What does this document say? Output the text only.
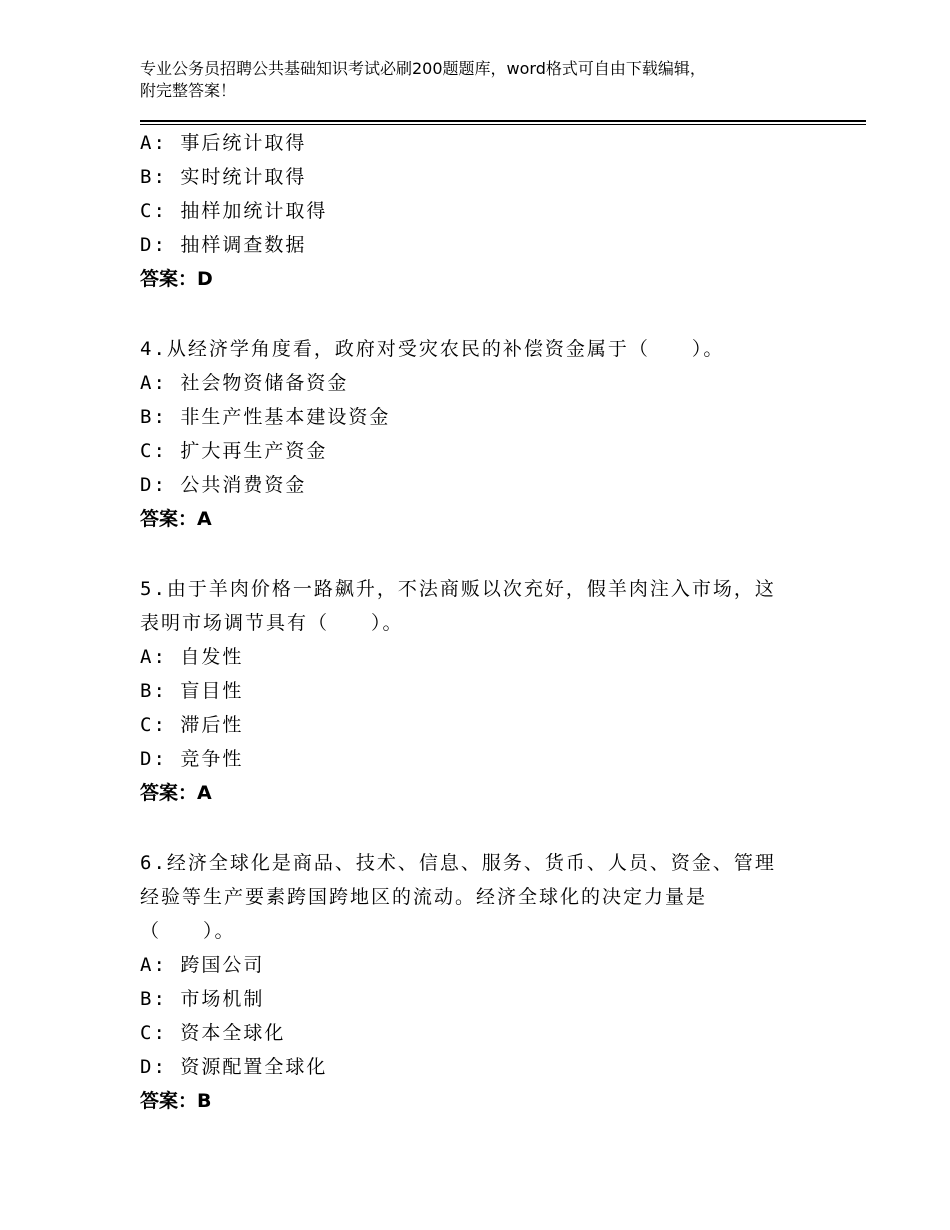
专业公务员招聘公共基础知识考试必刷200题题库，word格式可自由下载编辑，
附完整答案！
A: 事后统计取得
B: 实时统计取得
C: 抽样加统计取得
D: 抽样调查数据
答案：D
4.从经济学角度看，政府对受灾农民的补偿资金属于（　　）。
A: 社会物资储备资金
B: 非生产性基本建设资金
C: 扩大再生产资金
D: 公共消费资金
答案：A
5.由于羊肉价格一路飙升，不法商贩以次充好，假羊肉注入市场，这
表明市场调节具有（　　）。
A: 自发性
B: 盲目性
C: 滞后性
D: 竞争性
答案：A
6.经济全球化是商品、技术、信息、服务、货币、人员、资金、管理
经验等生产要素跨国跨地区的流动。经济全球化的决定力量是
（　　）。
A: 跨国公司
B: 市场机制
C: 资本全球化
D: 资源配置全球化
答案：B
